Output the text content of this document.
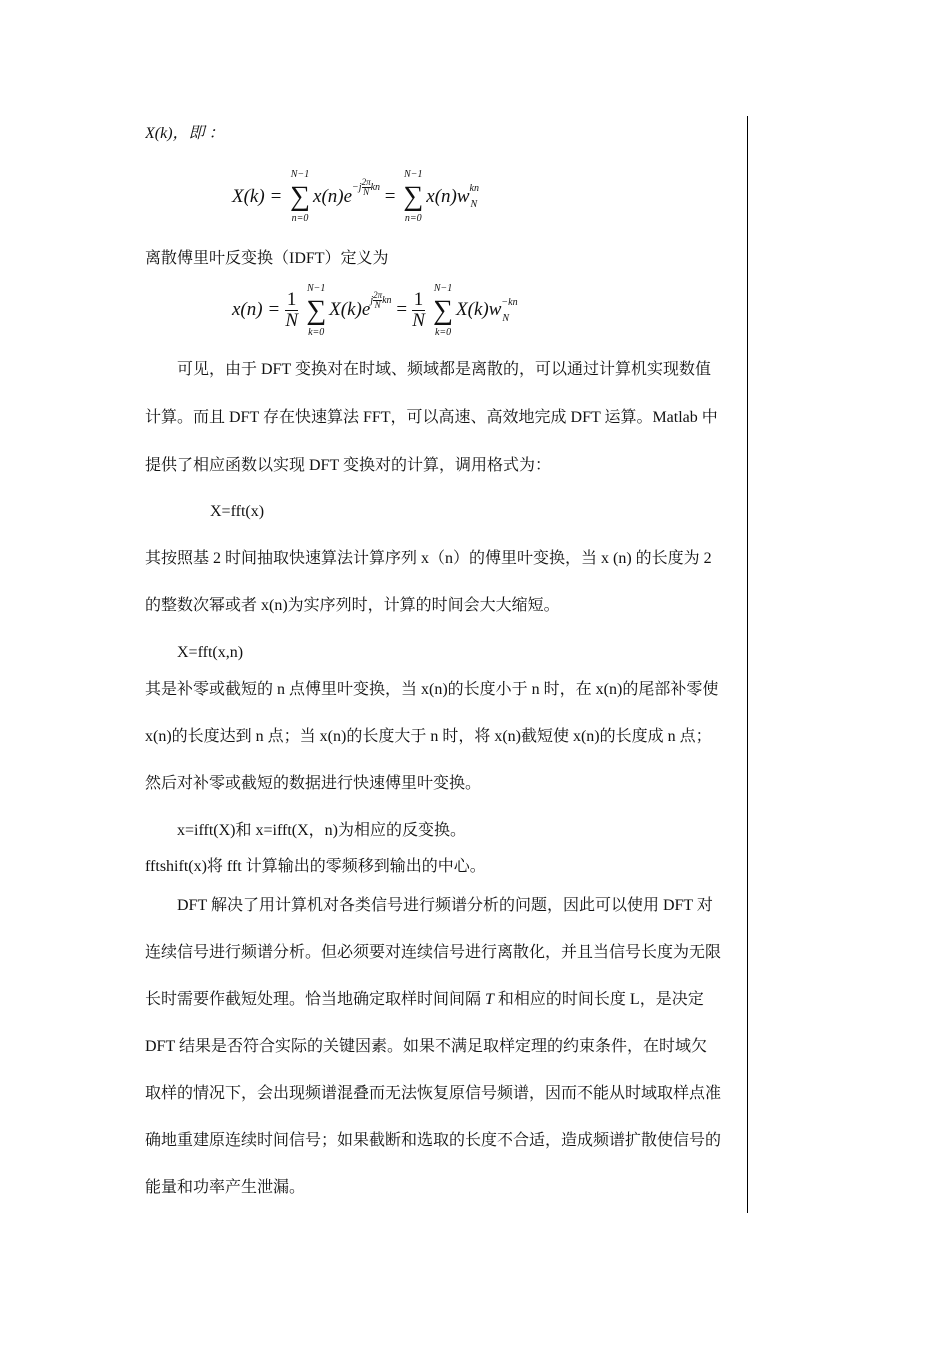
X(k)，即 ：
X(k) =
N−1
∑
n=0
$x(n)e-j \frac{2\pi}{N}$ kn =
N−1
∑
n=0
x(n)w kn
N
离散傅里叶反变换（IDFT）定义为
$x(n) = \frac{1}{N}$

N−1
∑
k=0
$X(k)ej \frac{2\pi}{N}$ kn = $\frac{1}{N}$

N−1
∑
k=0
X(k)w −kn
N
可见，由于 DFT 变换对在时域、频域都是离散的，可以通过计算机实现数值
计算。而且 DFT 存在快速算法 FFT，可以高速、高效地完成 DFT 运算。Matlab 中
提供了相应函数以实现 DFT 变换对的计算，调用格式为：
X=fft(x)
其按照基 2 时间抽取快速算法计算序列 x（n）的傅里叶变换，当 x (n) 的长度为 2
的整数次幂或者 x(n)为实序列时，计算的时间会大大缩短。
X=fft(x,n)
其是补零或截短的 n 点傅里叶变换，当 x(n)的长度小于 n 时，在 x(n)的尾部补零使
x(n)的长度达到 n 点；当 x(n)的长度大于 n 时，将 x(n)截短使 x(n)的长度成 n 点；
然后对补零或截短的数据进行快速傅里叶变换。
x=ifft(X)和 x=ifft(X，n)为相应的反变换。
fftshift(x)将 fft 计算输出的零频移到输出的中心。
DFT 解决了用计算机对各类信号进行频谱分析的问题，因此可以使用 DFT 对
连续信号进行频谱分析。但必须要对连续信号进行离散化，并且当信号长度为无限
长时需要作截短处理。恰当地确定取样时间间隔 T 和相应的时间长度 L，是决定
DFT 结果是否符合实际的关键因素。如果不满足取样定理的约束条件，在时域欠
取样的情况下，会出现频谱混叠而无法恢复原信号频谱，因而不能从时域取样点准
确地重建原连续时间信号；如果截断和选取的长度不合适，造成频谱扩散使信号的
能量和功率产生泄漏。
